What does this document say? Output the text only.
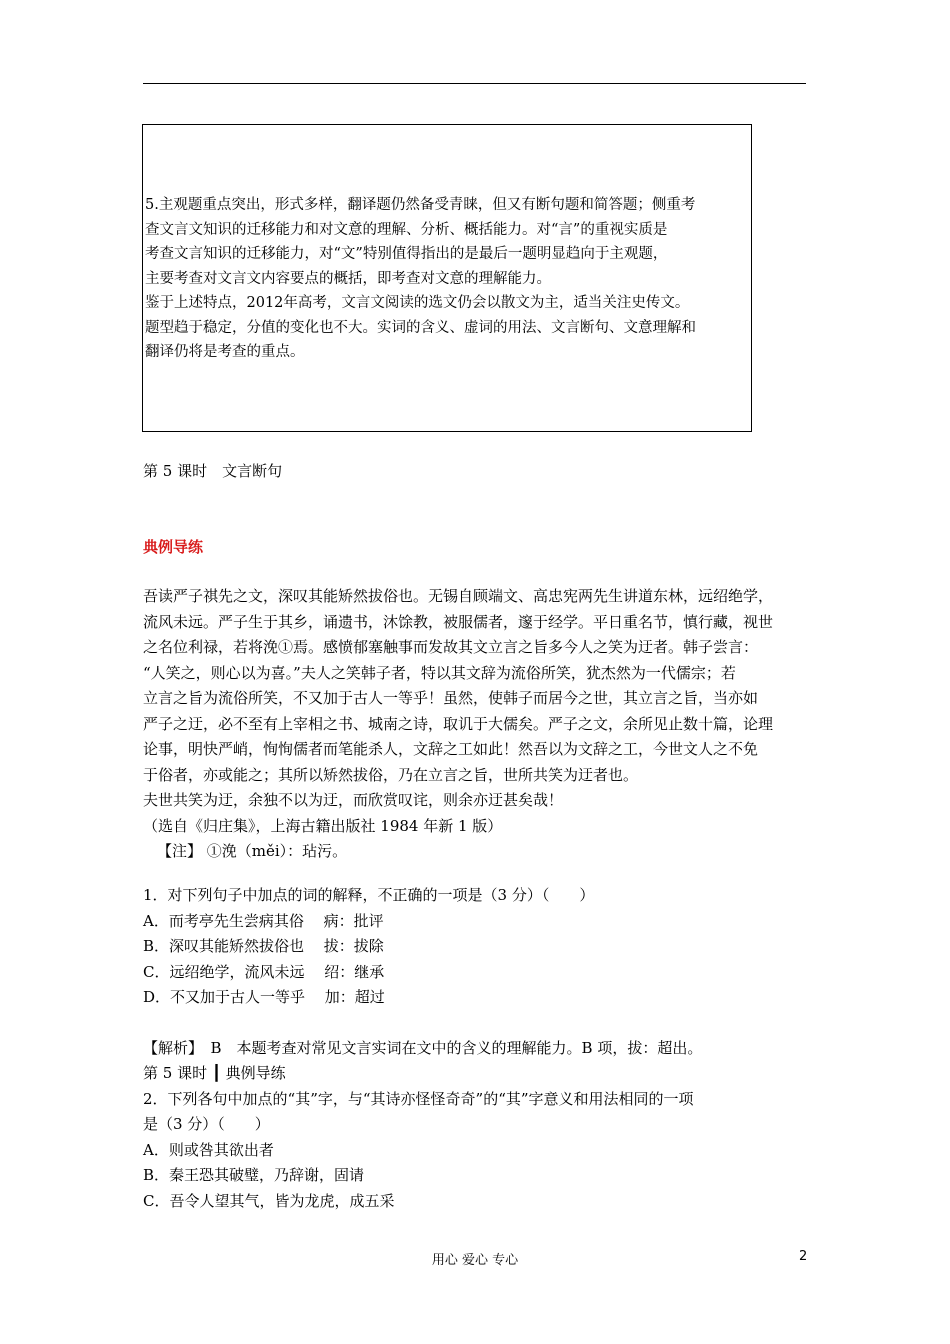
5.主观题重点突出，形式多样，翻译题仍然备受青睐，但又有断句题和简答题；侧重考

查文言文知识的迁移能力和对文意的理解、分析、概括能力。对“言”的重视实质是

考查文言知识的迁移能力，对“文”特别值得指出的是最后一题明显趋向于主观题，

主要考查对文言文内容要点的概括，即考查对文意的理解能力。

鉴于上述特点，2012年高考，文言文阅读的选文仍会以散文为主，适当关注史传文。

题型趋于稳定，分值的变化也不大。实词的含义、虚词的用法、文言断句、文意理解和

翻译仍将是考查的重点。

第 5 课时　文言断句
典例导练

吾读严子祺先之文，深叹其能矫然拔俗也。无锡自顾端文、高忠宪两先生讲道东林，远绍绝学，

流风未远。严子生于其乡，诵遗书，沐馀教，被服儒者，邃于经学。平日重名节，慎行藏，视世

之名位利禄，若将浼①焉。感愤郁塞触事而发故其文立言之旨多今人之笑为迂者。韩子尝言：

“人笑之，则心以为喜。”夫人之笑韩子者，特以其文辞为流俗所笑，犹杰然为一代儒宗；若

立言之旨为流俗所笑，不又加于古人一等乎！虽然，使韩子而居今之世，其立言之旨，当亦如

严子之迂，必不至有上宰相之书、城南之诗，取讥于大儒矣。严子之文，余所见止数十篇，论理

论事，明快严峭，恂恂儒者而笔能杀人，文辞之工如此！然吾以为文辞之工，今世文人之不免

于俗者，亦或能之；其所以矫然拔俗，乃在立言之旨，世所共笑为迂者也。

夫世共笑为迂，余独不以为迂，而欣赏叹诧，则余亦迂甚矣哉！

（选自《归庄集》，上海古籍出版社 1984 年新 1 版）

【注】 ①浼（měi）：玷污。

1．对下列句子中加点的词的解释，不正确的一项是（3 分）（　　）

A．而考亭先生尝病其俗　 病：批评

B．深叹其能矫然拔俗也　 拔：拔除

C．远绍绝学，流风未远　 绍：继承

D．不又加于古人一等乎　 加：超过

【解析】　B　本题考查对常见文言实词在文中的含义的理解能力。B 项，拔：超出。

第 5 课时 ┃ 典例导练

2．下列各句中加点的“其”字，与“其诗亦怪怪奇奇”的“其”字意义和用法相同的一项

是（3 分）（　　）

A．则或咎其欲出者

B．秦王恐其破璧，乃辞谢，固请

C．吾令人望其气，皆为龙虎，成五采

用心 爱心 专心	2
